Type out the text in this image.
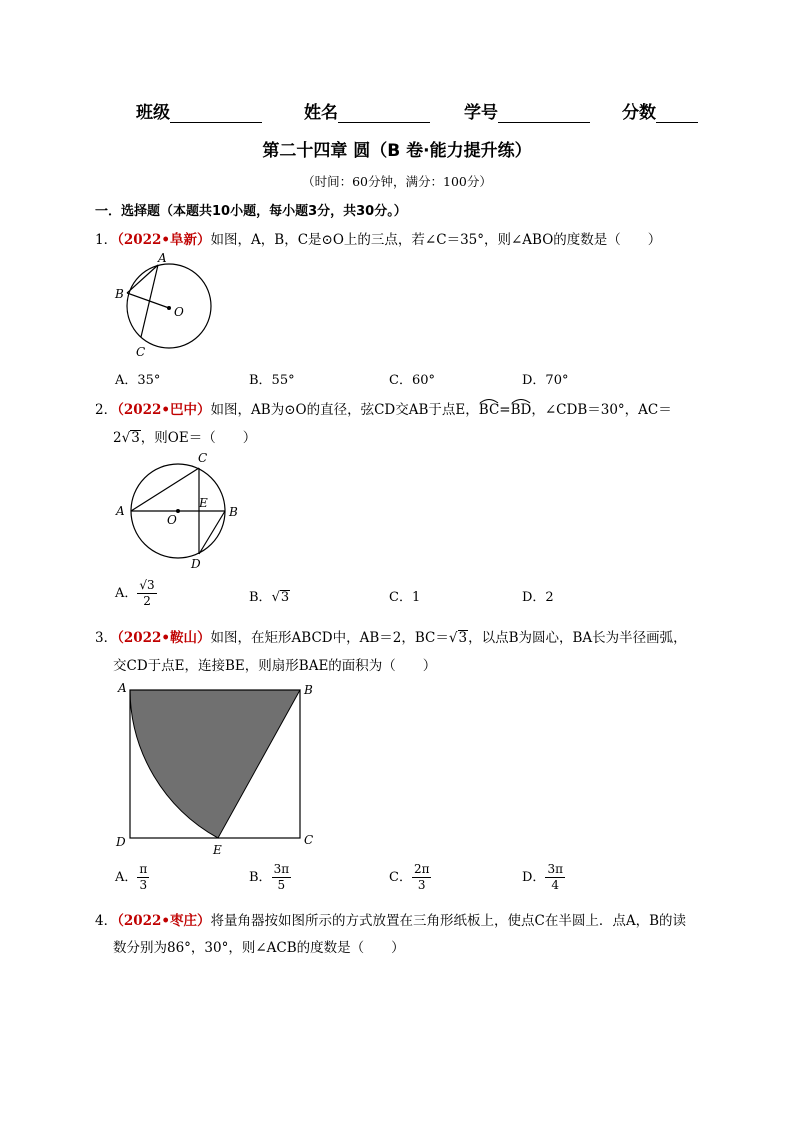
班级	姓名	学号	分数
第二十四章 圆（B 卷·能力提升练）
（时间：60分钟，满分：100分）
一．选择题（本题共10小题，每小题3分，共30分。）
1．（2022•阜新）如图，A，B，C是⊙O上的三点，若∠C＝35°，则∠ABO的度数是（　　）
A
B
C
O
A．35°	B．55°	C．60°	D．70°
2．（2022•巴中）如图，AB为⊙O的直径，弦CD交AB于点E，
BC=
BD，∠CDB＝30°，AC＝
2√3，则OE＝（　　）
A	B
C
D
E
O
A． $\frac{√3}{2}$	B．√3	C．1	D．2
3．（2022•鞍山）如图，在矩形ABCD中，AB＝2，BC＝√3，以点B为圆心，BA长为半径画弧，
交CD于点E，连接BE，则扇形BAE的面积为（　　）
A	B
C
D
E
A． $\frac{\pi}{3}$	B． $\frac{3\pi}{5}$	C． $\frac{2\pi}{3}$	D． $\frac{3\pi}{4}$
4．（2022•枣庄）将量角器按如图所示的方式放置在三角形纸板上，使点C在半圆上．点A，B的读
数分别为86°，30°，则∠ACB的度数是（　　）
